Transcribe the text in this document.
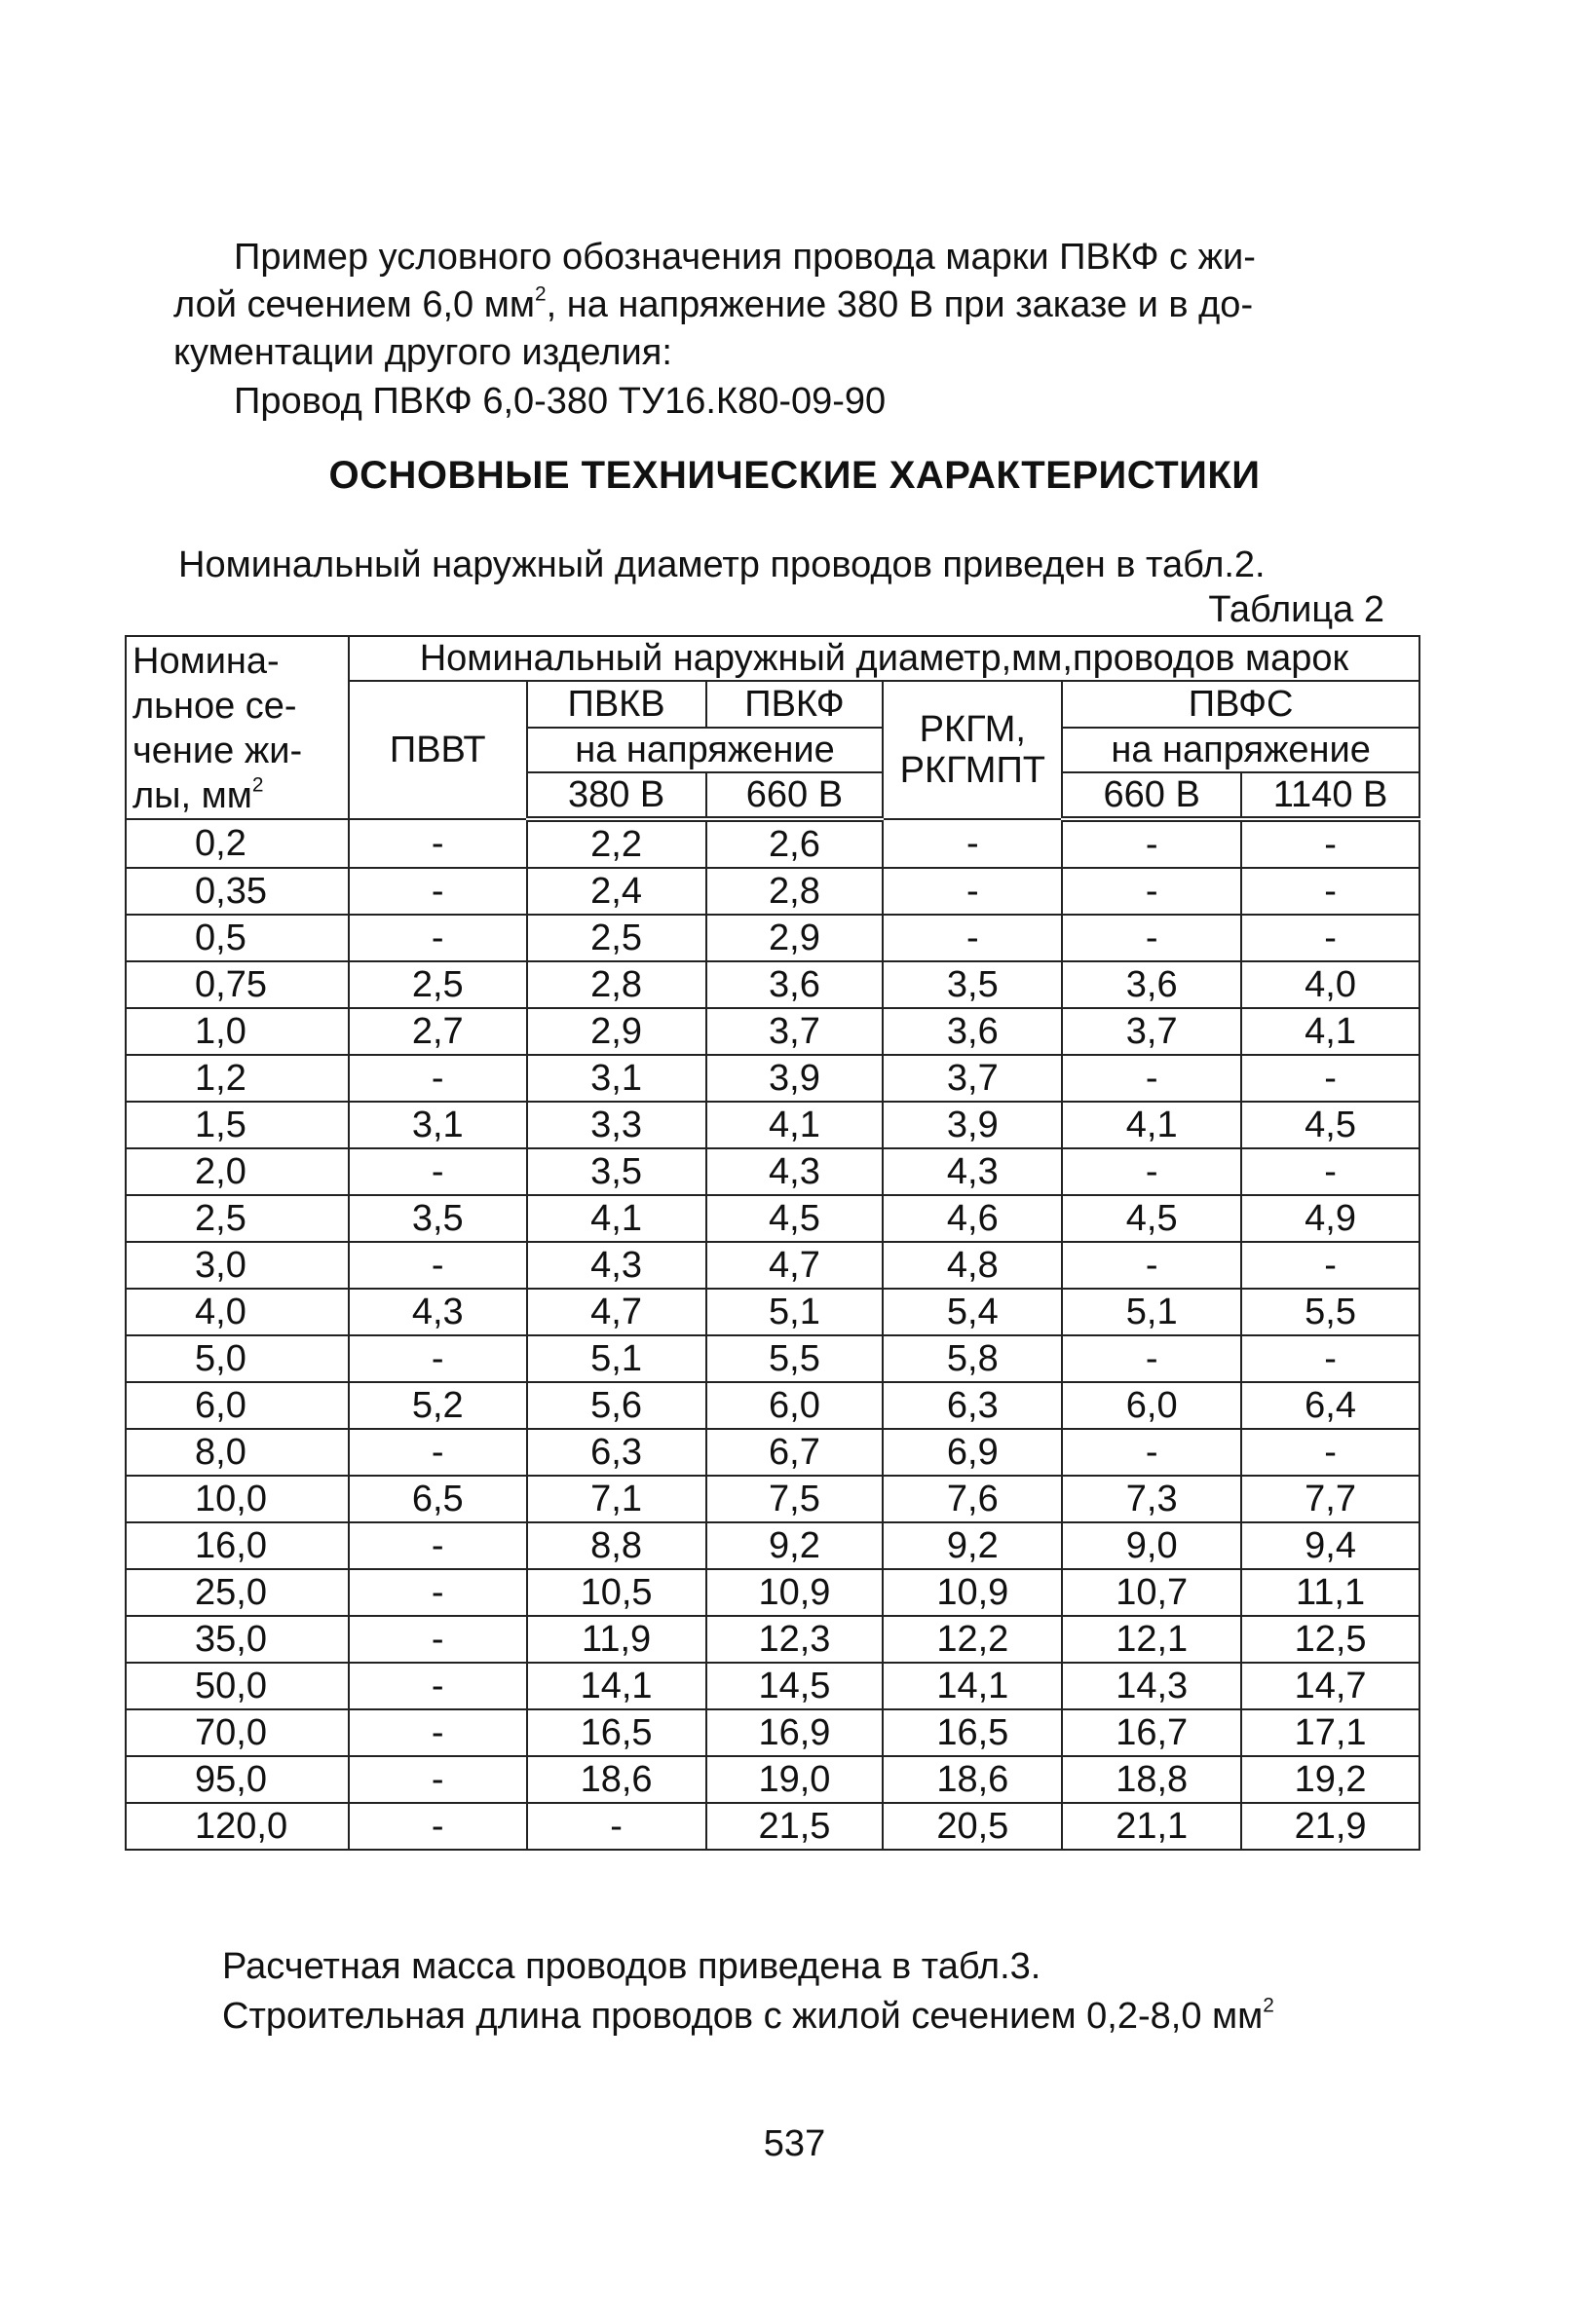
Пример условного обозначения провода марки ПВКФ с жи-
лой сечением 6,0 $мм^2$, на напряжение 380 В при заказе и в до-
кументации другого изделия:
Провод ПВКФ 6,0-380 ТУ16.К80-09-90
ОСНОВНЫЕ ТЕХНИЧЕСКИЕ ХАРАКТЕРИСТИКИ
Номинальный наружный диаметр проводов приведен в табл.2.
Таблица 2
Номина-льное се-чение жи-лы, $мм^2$	Номинальный наружный диаметр,мм,проводов марок					
	ПВВТ	ПВКВ	ПВКФ	РКГМ, РКГМПТ	ПВФС	
		на напряжение			на напряжение	
		380 В	660 В		660 В	1140 В
0,2	-	2,2	2,6	-	-	-
0,35	-	2,4	2,8	-	-	-
0,5	-	2,5	2,9	-	-	-
0,75	2,5	2,8	3,6	3,5	3,6	4,0
1,0	2,7	2,9	3,7	3,6	3,7	4,1
1,2	-	3,1	3,9	3,7	-	-
1,5	3,1	3,3	4,1	3,9	4,1	4,5
2,0	-	3,5	4,3	4,3	-	-
2,5	3,5	4,1	4,5	4,6	4,5	4,9
3,0	-	4,3	4,7	4,8	-	-
4,0	4,3	4,7	5,1	5,4	5,1	5,5
5,0	-	5,1	5,5	5,8	-	-
6,0	5,2	5,6	6,0	6,3	6,0	6,4
8,0	-	6,3	6,7	6,9	-	-
10,0	6,5	7,1	7,5	7,6	7,3	7,7
16,0	-	8,8	9,2	9,2	9,0	9,4
25,0	-	10,5	10,9	10,9	10,7	11,1
35,0	-	11,9	12,3	12,2	12,1	12,5
50,0	-	14,1	14,5	14,1	14,3	14,7
70,0	-	16,5	16,9	16,5	16,7	17,1
95,0	-	18,6	19,0	18,6	18,8	19,2
120,0	-	-	21,5	20,5	21,1	21,9
Расчетная масса проводов приведена в табл.3.
Строительная длина проводов с жилой сечением 0,2-8,0 $мм^2$
537
